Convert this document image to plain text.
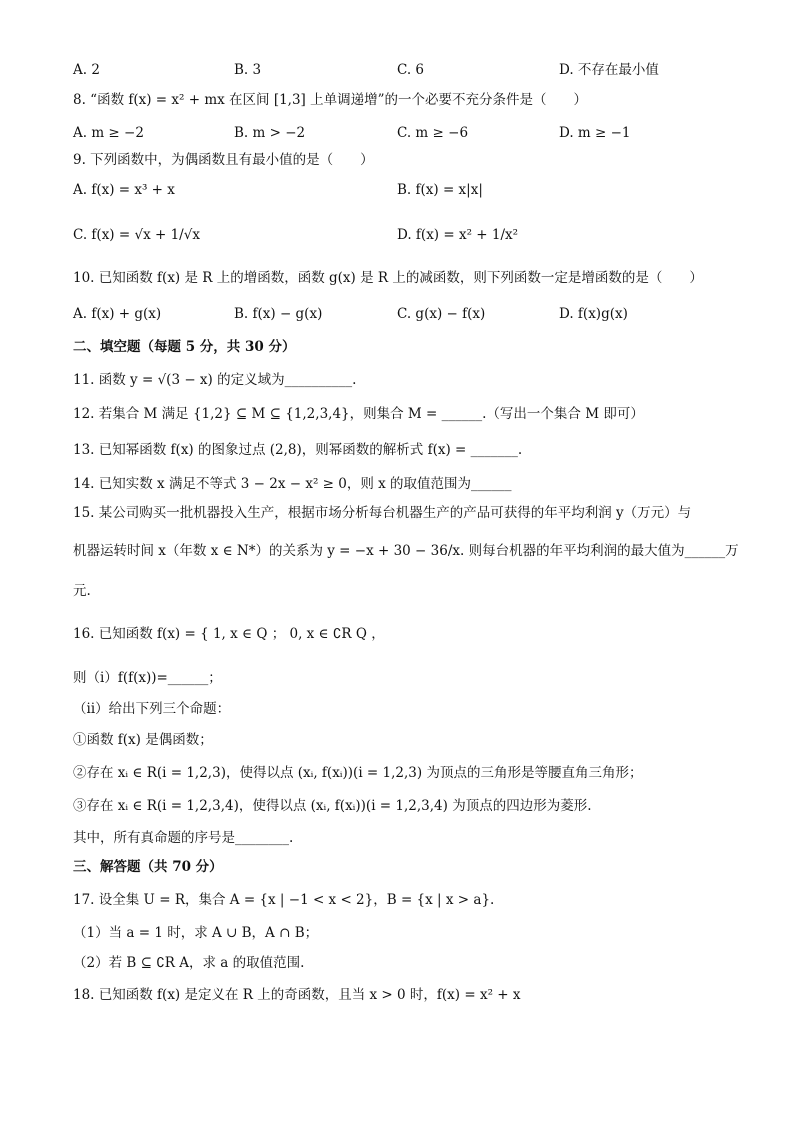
A. 2	B. 3	C. 6	D. 不存在最小值
8. “函数 f(x) = x² + mx 在区间 [1,3] 上单调递增”的一个必要不充分条件是（　　）
A. m ≥ −2	B. m > −2	C. m ≥ −6	D. m ≥ −1
9. 下列函数中，为偶函数且有最小值的是（　　）
A. f(x) = x³ + x	B. f(x) = x|x|
C. f(x) = √x + 1/√x	D. f(x) = x² + 1/x²
10. 已知函数 f(x) 是 R 上的增函数，函数 g(x) 是 R 上的减函数，则下列函数一定是增函数的是（　　）
A. f(x) + g(x)	B. f(x) − g(x)	C. g(x) − f(x)	D. f(x)g(x)
二、填空题（每题 5 分，共 30 分）
11. 函数 y = √(3 − x) 的定义域为__________.
12. 若集合 M 满足 {1,2} ⊆ M ⊆ {1,2,3,4}，则集合 M = ______.（写出一个集合 M 即可）
13. 已知幂函数 f(x) 的图象过点 (2,8)，则幂函数的解析式 f(x) = _______.
14. 已知实数 x 满足不等式 3 − 2x − x² ≥ 0，则 x 的取值范围为______
15. 某公司购买一批机器投入生产，根据市场分析每台机器生产的产品可获得的年平均利润 y（万元）与
机器运转时间 x（年数 x ∈ N*）的关系为 y = −x + 30 − 36/x. 则每台机器的年平均利润的最大值为______万
元.
16. 已知函数 f(x) = { 1, x ∈ Q ； 0, x ∈ ∁R Q ，
则（ⅰ）f(f(x))=______；
（ⅱ）给出下列三个命题：
①函数 f(x) 是偶函数；
②存在 xᵢ ∈ R(i = 1,2,3)，使得以点 (xᵢ, f(xᵢ))(i = 1,2,3) 为顶点的三角形是等腰直角三角形；
③存在 xᵢ ∈ R(i = 1,2,3,4)，使得以点 (xᵢ, f(xᵢ))(i = 1,2,3,4) 为顶点的四边形为菱形.
其中，所有真命题的序号是________.
三、解答题（共 70 分）
17. 设全集 U = R，集合 A = {x | −1 < x < 2}，B = {x | x > a}.
（1）当 a = 1 时，求 A ∪ B，A ∩ B；
（2）若 B ⊆ ∁R A，求 a 的取值范围.
18. 已知函数 f(x) 是定义在 R 上的奇函数，且当 x > 0 时，f(x) = x² + x
